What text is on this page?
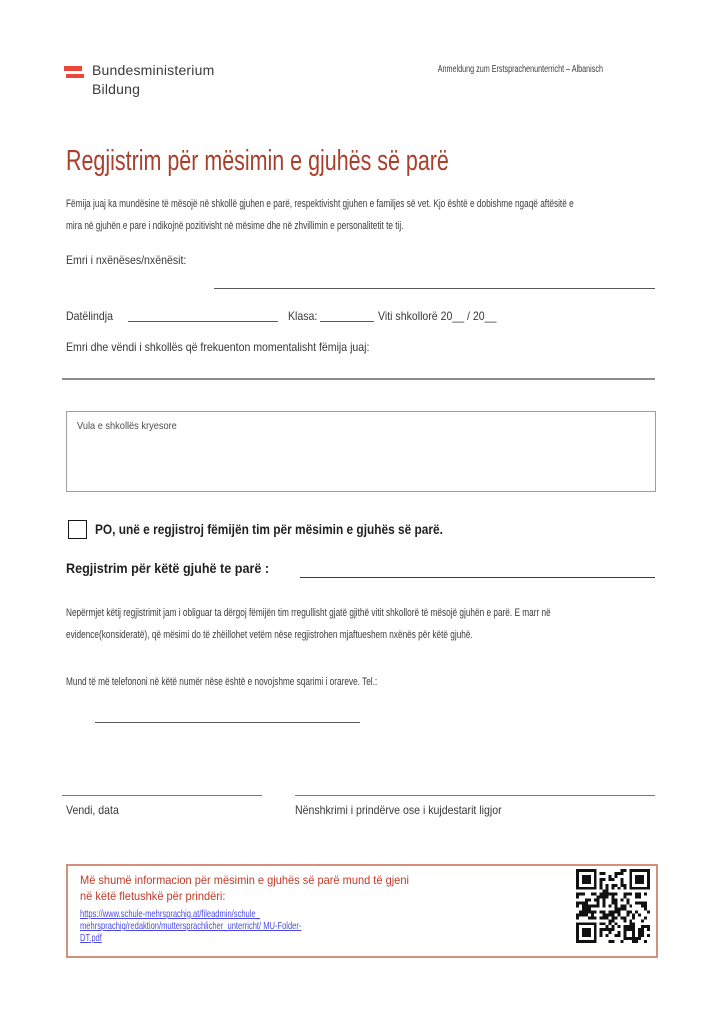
Bundesministerium
Bildung
Anmeldung zum Erstsprachenunterricht – Albanisch
Regjistrim për mësimin e gjuhës së parë
Fëmija juaj ka mundësine të mësojë në shkollë gjuhen e parë, respektivisht gjuhen e familjes së vet. Kjo është e dobishme ngaqë aftësitë e
mira në gjuhën e pare i ndikojnë pozitivisht në mësime dhe në zhvillimin e personalitetit te tij.
Emri i nxënëses/nxënësit:
Datëlindja	Klasa:	Viti shkollorë 20__ / 20__
Emri dhe vëndi i shkollës që frekuenton momentalisht fëmija juaj:
Vula e shkollës kryesore
PO, unë e regjistroj fëmijën tim për mësimin e gjuhës së parë.
Regjistrim për këtë gjuhë te parë :
Nepërmjet këtij regjistrimit jam i obliguar ta dërgoj fëmijën tim rregullisht gjatë gjithë vitit shkollorë të mësojë gjuhën e parë. E marr në
evidence(konsideratë), që mësimi do të zhëillohet vetëm nëse regjistrohen mjaftueshem nxënës për këtë gjuhë.
Mund të më telefononi në këtë numër nëse është e novojshme sqarimi i orareve. Tel.:
Vendi, data	Nënshkrimi i prindërve ose i kujdestarit ligjor
Më shumë informacion për mësimin e gjuhës së parë mund të gjeni
në këtë fletushkë për prindëri:
https://www.schule-mehrsprachig.at/fileadmin/schule_
mehrsprachig/redaktion/muttersprachlicher_unterricht/ MU-Folder-
DT.pdf
